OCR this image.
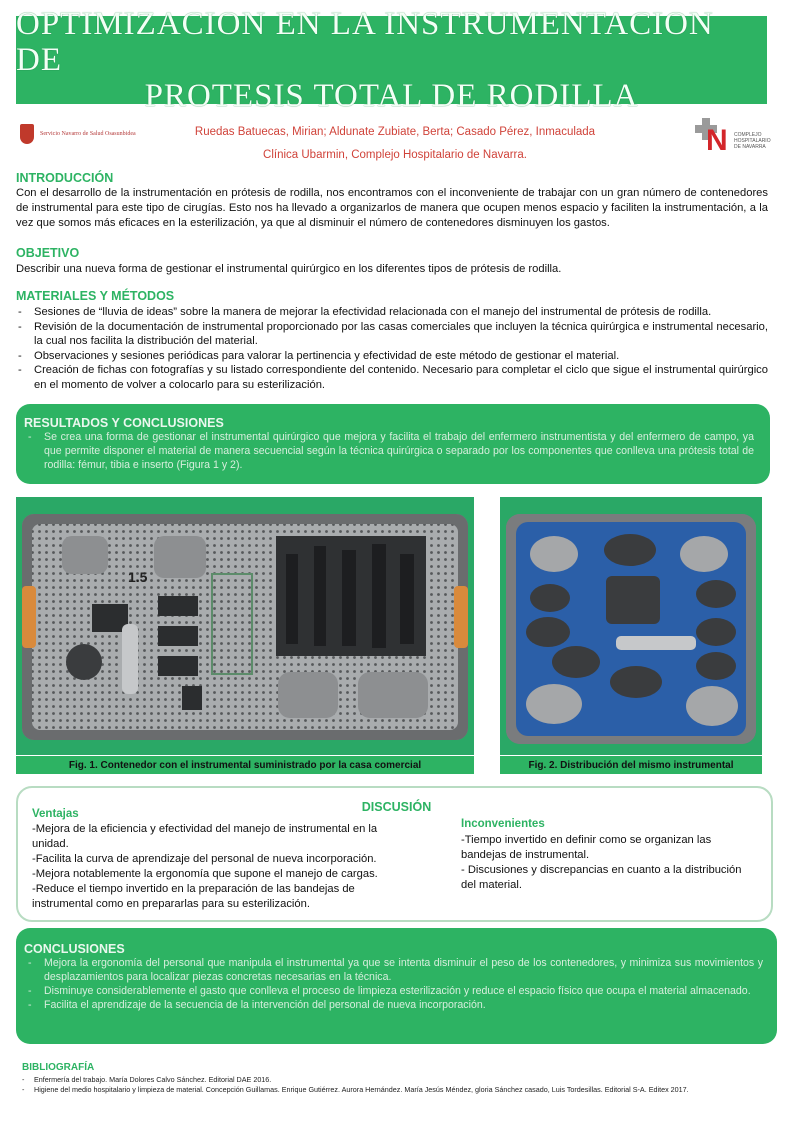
OPTIMIZACION EN LA INSTRUMENTACION DE
PROTESIS TOTAL DE RODILLA
Servicio Navarro de Salud Osasunbidea	N COMPLEJO HOSPITALARIO DE NAVARRA
Ruedas Batuecas, Mirian; Aldunate Zubiate, Berta; Casado Pérez, Inmaculada
Clínica Ubarmin, Complejo Hospitalario de Navarra.
INTRODUCCIÓN
Con el desarrollo de la instrumentación en prótesis de rodilla, nos encontramos con el inconveniente de trabajar con un gran número de contenedores de instrumental para este tipo de cirugías. Esto nos ha llevado a organizarlos de manera que ocupen menos espacio y faciliten la instrumentación, a la vez que somos más eficaces en la esterilización, ya que al disminuir el número de contenedores disminuyen los gastos.
OBJETIVO
Describir una nueva forma de gestionar el instrumental quirúrgico en los diferentes tipos de prótesis de rodilla.
MATERIALES Y MÉTODOS
- Sesiones de “lluvia de ideas” sobre la manera de mejorar la efectividad relacionada con el manejo del instrumental de prótesis de rodilla.
- Revisión de la documentación de instrumental proporcionado por las casas comerciales que incluyen la técnica quirúrgica e instrumental necesario, la cual nos facilita la distribución del material.
- Observaciones y sesiones periódicas para valorar la pertinencia y efectividad de este método de gestionar el material.
- Creación de fichas con fotografías y su listado correspondiente del contenido. Necesario para completar el ciclo que sigue el instrumental quirúrgico en el momento de volver a colocarlo para su esterilización.
RESULTADOS Y CONCLUSIONES
- Se crea una forma de gestionar el instrumental quirúrgico que mejora y facilita el trabajo del enfermero instrumentista y del enfermero de campo, ya que permite disponer el material de manera secuencial según la técnica quirúrgica o separado por los componentes que conlleva una prótesis total de rodilla: fémur, tibia e inserto (Figura 1 y 2).
1.5
Fig. 1. Contenedor con el instrumental suministrado por la casa comercial	Fig. 2. Distribución del mismo instrumental
DISCUSIÓN
Ventajas
-Mejora de la eficiencia y efectividad del manejo de instrumental en la
unidad.
-Facilita la curva de aprendizaje del personal de nueva incorporación.
-Mejora notablemente la ergonomía que supone el manejo de cargas.
-Reduce el tiempo invertido en la preparación de las bandejas de
instrumental como en prepararlas para su esterilización.
Inconvenientes
-Tiempo invertido en definir como se organizan las
bandejas de instrumental.
- Discusiones y discrepancias en cuanto a la distribución
del material.
CONCLUSIONES
- Mejora la ergonomía del personal que manipula el instrumental ya que se intenta disminuir el peso de los contenedores, y minimiza sus movimientos y desplazamientos para localizar piezas concretas necesarias en la técnica.
- Disminuye considerablemente el gasto que conlleva el proceso de limpieza esterilización y reduce el espacio físico que ocupa el material almacenado.
- Facilita el aprendizaje de la secuencia de la intervención del personal de nueva incorporación.
BIBLIOGRAFÍA
- Enfermería del trabajo. María Dolores Calvo Sánchez. Editorial DAE 2016.
- Higiene del medio hospitalario y limpieza de material. Concepción Guillamas. Enrique Gutiérrez. Aurora Hernández. María Jesús Méndez, gloria Sánchez casado, Luis Tordesillas. Editorial S-A. Editex 2017.
